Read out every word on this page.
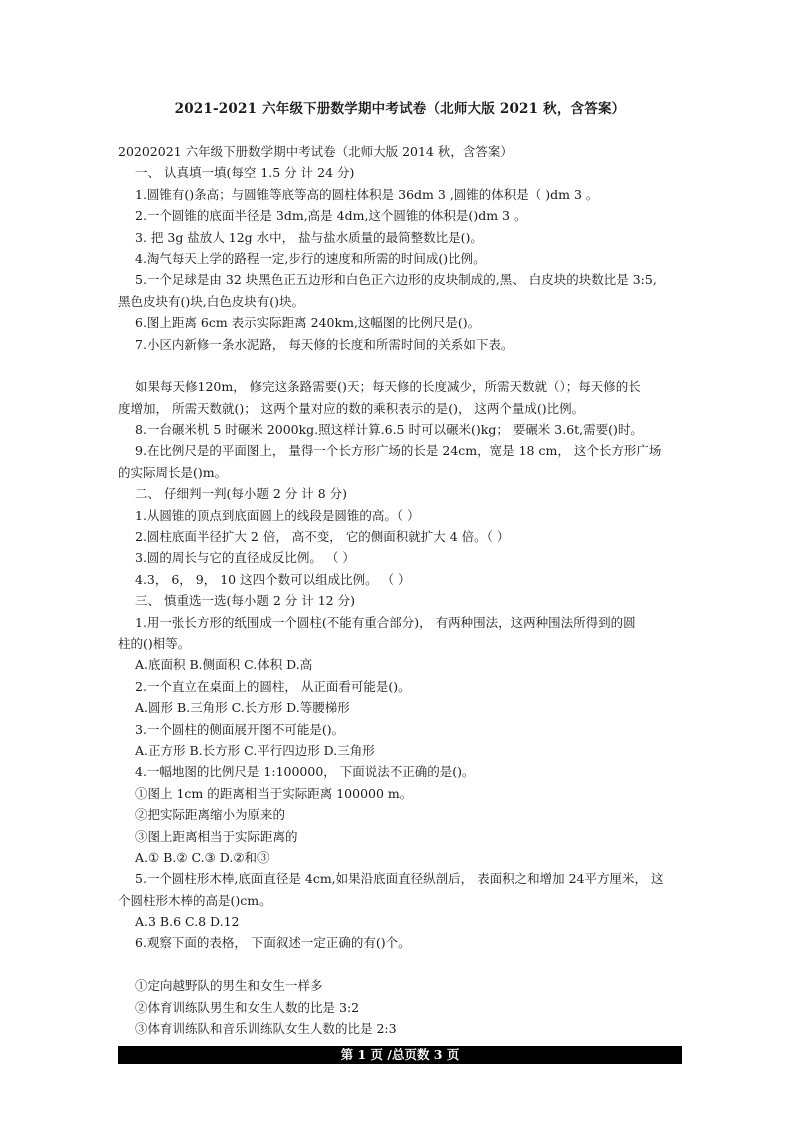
2021-2021 六年级下册数学期中考试卷（北师大版 2021 秋，含答案）
20202021 六年级下册数学期中考试卷（北师大版 2014 秋，含答案）
一、 认真填一填(每空 1.5 分 计 24 分)
1.圆锥有()条高；与圆锥等底等高的圆柱体积是 36dm 3 ,圆锥的体积是（ )dm 3 。
2.一个圆锥的底面半径是 3dm,高是 4dm,这个圆锥的体积是()dm 3 。
3. 把 3g 盐放人 12g 水中， 盐与盐水质量的最简整数比是()。
4.淘气每天上学的路程一定,步行的速度和所需的时间成()比例。
5.一个足球是由 32 块黑色正五边形和白色正六边形的皮块制成的,黑、 白皮块的块数比是 3:5,
黑色皮块有()块,白色皮块有()块。
6.图上距离 6cm 表示实际距离 240km,这幅图的比例尺是()。
7.小区内新修一条水泥路， 每天修的长度和所需时间的关系如下表。
如果每天修120m， 修完这条路需要()天；每天修的长度减少，所需天数就（）；每天修的长
度增加， 所需天数就()； 这两个量对应的数的乘积表示的是()， 这两个量成()比例。
8.一台碾米机 5 时碾米 2000kg.照这样计算.6.5 时可以碾米()kg； 要碾米 3.6t,需要()时。
9.在比例尺是的平面图上， 量得一个长方形广场的长是 24cm，宽是 18 cm， 这个长方形广场
的实际周长是()m。
二、 仔细判一判(每小题 2 分 计 8 分)
1.从圆锥的顶点到底面圆上的线段是圆锥的高。（ ）
2.圆柱底面半径扩大 2 倍， 高不变， 它的侧面积就扩大 4 倍。（ ）
3.圆的周长与它的直径成反比例。 （ ）
4.3， 6， 9， 10 这四个数可以组成比例。 （ ）
三、 慎重选一选(每小题 2 分 计 12 分)
1.用一张长方形的纸围成一个圆柱(不能有重合部分)， 有两种围法，这两种围法所得到的圆
柱的()相等。
A.底面积 B.侧面积 C.体积 D.高
2.一个直立在桌面上的圆柱， 从正面看可能是()。
A.圆形 B.三角形 C.长方形 D.等腰梯形
3.一个圆柱的侧面展开图不可能是()。
A.正方形 B.长方形 C.平行四边形 D.三角形
4.一幅地图的比例尺是 1:100000， 下面说法不正确的是()。
①图上 1cm 的距离相当于实际距离 100000 m。
②把实际距离缩小为原来的
③图上距离相当于实际距离的
A.① B.② C.③ D.②和③
5.一个圆柱形木棒,底面直径是 4cm,如果沿底面直径纵剖后， 表面积之和增加 24平方厘米， 这
个圆柱形木棒的高是()cm。
A.3 B.6 C.8 D.12
6.观察下面的表格， 下面叙述一定正确的有()个。
①定向越野队的男生和女生一样多
②体育训练队男生和女生人数的比是 3:2
③体育训练队和音乐训练队女生人数的比是 2:3
第 1 页 /总页数 3 页
